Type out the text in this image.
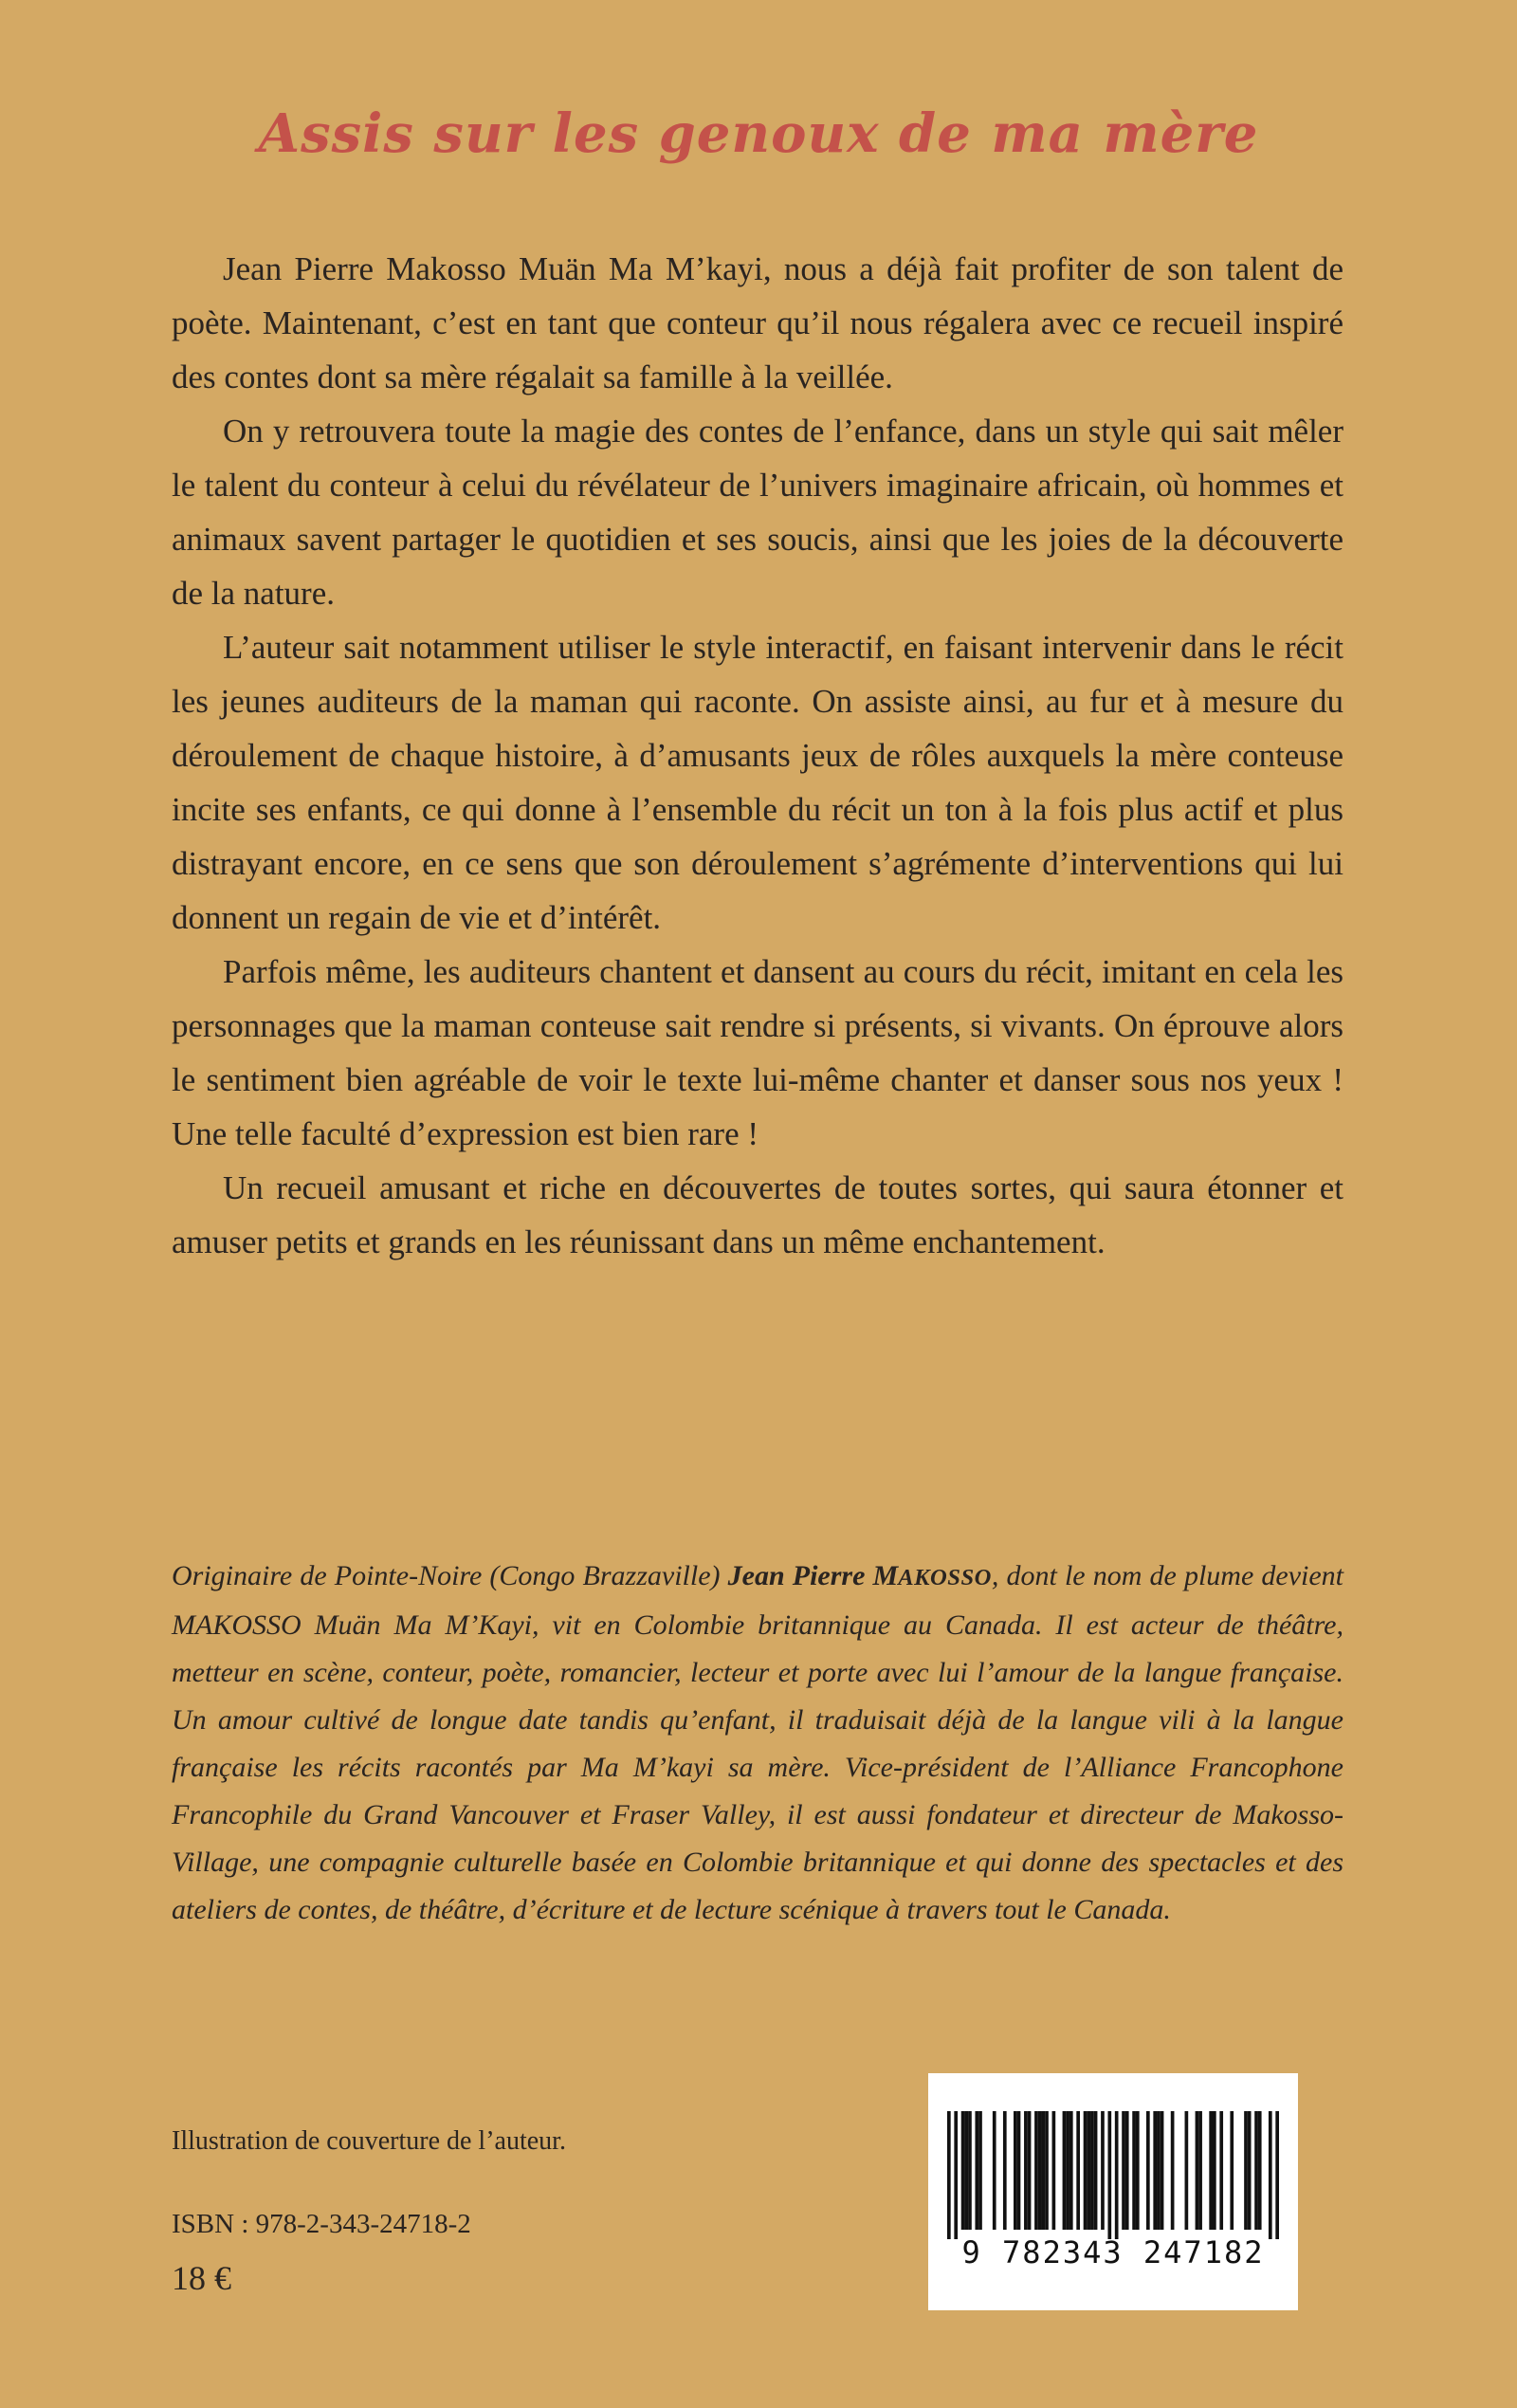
Assis sur les genoux de ma mère

Jean Pierre Makosso Muän Ma M’kayi, nous a déjà fait profiter de son talent de poète. Maintenant, c’est en tant que conteur qu’il nous régalera avec ce recueil inspiré des contes dont sa mère régalait sa famille à la veillée.

On y retrouvera toute la magie des contes de l’enfance, dans un style qui sait mêler le talent du conteur à celui du révélateur de l’univers imaginaire africain, où hommes et animaux savent partager le quotidien et ses soucis, ainsi que les joies de la découverte de la nature.

L’auteur sait notamment utiliser le style interactif, en faisant intervenir dans le récit les jeunes auditeurs de la maman qui raconte. On assiste ainsi, au fur et à mesure du déroulement de chaque histoire, à d’amusants jeux de rôles auxquels la mère conteuse incite ses enfants, ce qui donne à l’ensemble du récit un ton à la fois plus actif et plus distrayant encore, en ce sens que son déroulement s’agrémente d’interventions qui lui donnent un regain de vie et d’intérêt.

Parfois même, les auditeurs chantent et dansent au cours du récit, imitant en cela les personnages que la maman conteuse sait rendre si présents, si vivants. On éprouve alors le sentiment bien agréable de voir le texte lui-même chanter et danser sous nos yeux ! Une telle faculté d’expression est bien rare !

Un recueil amusant et riche en découvertes de toutes sortes, qui saura étonner et amuser petits et grands en les réunissant dans un même enchantement.

Originaire de Pointe-Noire (Congo Brazzaville) Jean Pierre MAKOSSO, dont le nom de plume devient MAKOSSO Muän Ma M’Kayi, vit en Colombie britannique au Canada. Il est acteur de théâtre, metteur en scène, conteur, poète, romancier, lecteur et porte avec lui l’amour de la langue française. Un amour cultivé de longue date tandis qu’enfant, il traduisait déjà de la langue vili à la langue française les récits racontés par Ma M’kayi sa mère. Vice-président de l’Alliance Francophone Francophile du Grand Vancouver et Fraser Valley, il est aussi fondateur et directeur de Makosso-Village, une compagnie culturelle basée en Colombie britannique et qui donne des spectacles et des ateliers de contes, de théâtre, d’écriture et de lecture scénique à travers tout le Canada.

Illustration de couverture de l’auteur.
ISBN : 978-2-343-24718-2
18 €
9 782343 247182
